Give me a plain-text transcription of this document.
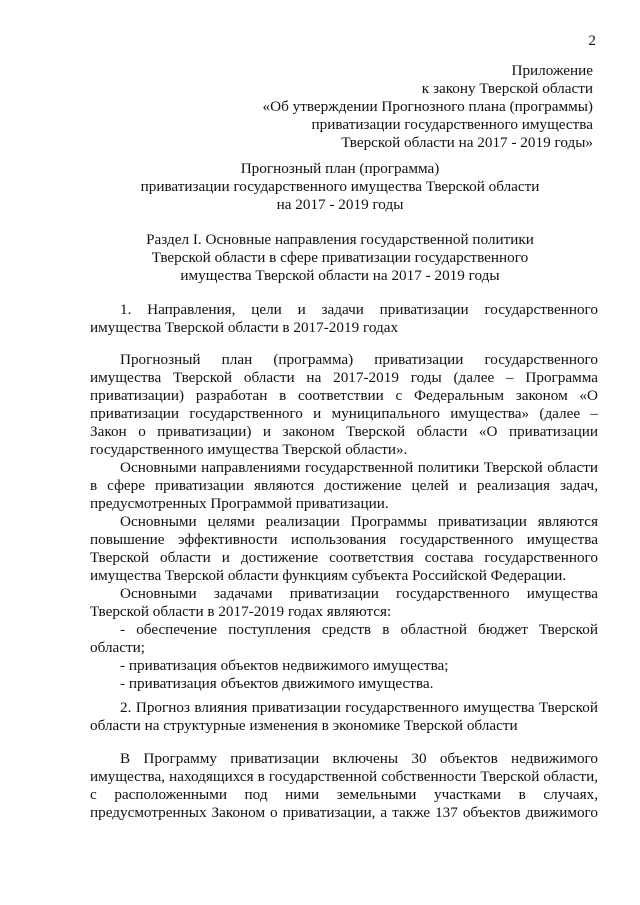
2
Приложение
к закону Тверской области
«Об утверждении Прогнозного плана (программы)
приватизации государственного имущества
Тверской области на 2017 - 2019 годы»
Прогнозный план (программа)
приватизации государственного имущества Тверской области
на 2017 - 2019 годы
Раздел I. Основные направления государственной политики
Тверской области в сфере приватизации государственного
имущества Тверской области на 2017 - 2019 годы

1. Направления, цели и задачи приватизации государственного имущества Тверской области в 2017-2019 годах

Прогнозный план (программа) приватизации государственного имущества Тверской области на 2017-2019 годы (далее – Программа приватизации) разработан в соответствии с Федеральным законом «О приватизации государственного и муниципального имущества» (далее – Закон о приватизации) и законом Тверской области «О приватизации государственного имущества Тверской области».

Основными направлениями государственной политики Тверской области в сфере приватизации являются достижение целей и реализация задач, предусмотренных Программой приватизации.

Основными целями реализации Программы приватизации являются повышение эффективности использования государственного имущества Тверской области и достижение соответствия состава государственного имущества Тверской области функциям субъекта Российской Федерации.

Основными задачами приватизации государственного имущества Тверской области в 2017-2019 годах являются:

- обеспечение поступления средств в областной бюджет Тверской области;

- приватизация объектов недвижимого имущества;

- приватизация объектов движимого имущества.

2. Прогноз влияния приватизации государственного имущества Тверской области на структурные изменения в экономике Тверской области

В Программу приватизации включены 30 объектов недвижимого имущества, находящихся в государственной собственности Тверской области, с расположенными под ними земельными участками в случаях, предусмотренных Законом о приватизации, а также 137 объектов движимого
